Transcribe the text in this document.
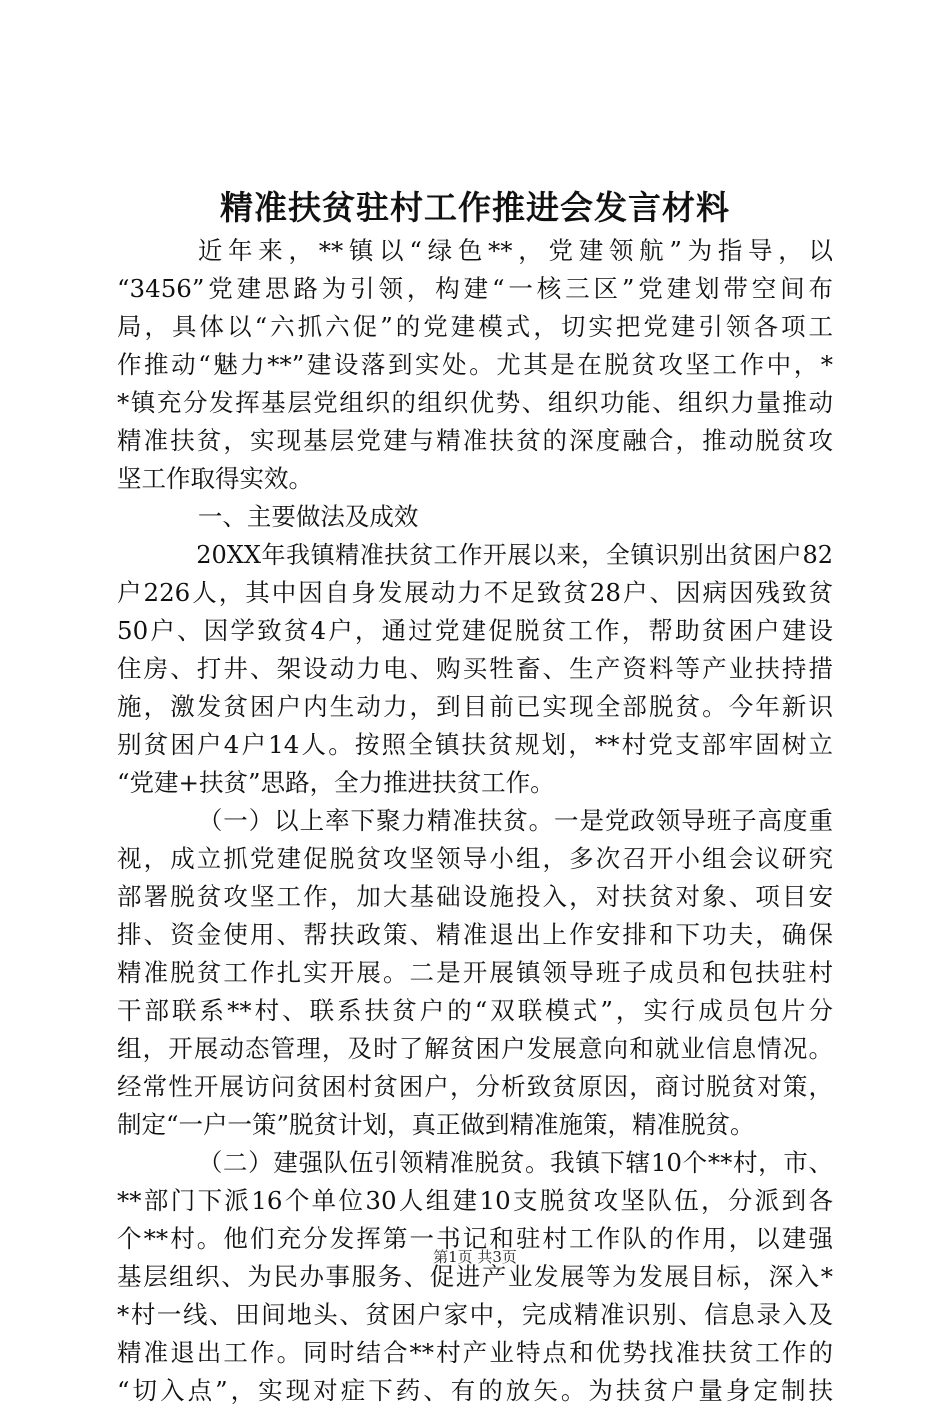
精准扶贫驻村工作推进会发言材料
近年来，**镇以“绿色**，党建领航”为指导，以
“3456”党建思路为引领，构建“一核三区”党建划带空间布
局，具体以“六抓六促”的党建模式，切实把党建引领各项工
作推动“魅力**”建设落到实处。尤其是在脱贫攻坚工作中，*
*镇充分发挥基层党组织的组织优势、组织功能、组织力量推动
精准扶贫，实现基层党建与精准扶贫的深度融合，推动脱贫攻
坚工作取得实效。
一、主要做法及成效
20XX年我镇精准扶贫工作开展以来，全镇识别出贫困户82
户226人，其中因自身发展动力不足致贫28户、因病因残致贫
50户、因学致贫4户，通过党建促脱贫工作，帮助贫困户建设
住房、打井、架设动力电、购买牲畜、生产资料等产业扶持措
施，激发贫困户内生动力，到目前已实现全部脱贫。今年新识
别贫困户4户14人。按照全镇扶贫规划，**村党支部牢固树立
“党建+扶贫”思路，全力推进扶贫工作。
（一）以上率下聚力精准扶贫。一是党政领导班子高度重
视，成立抓党建促脱贫攻坚领导小组，多次召开小组会议研究
部署脱贫攻坚工作，加大基础设施投入，对扶贫对象、项目安
排、资金使用、帮扶政策、精准退出上作安排和下功夫，确保
精准脱贫工作扎实开展。二是开展镇领导班子成员和包扶驻村
干部联系**村、联系扶贫户的“双联模式”，实行成员包片分
组，开展动态管理，及时了解贫困户发展意向和就业信息情况。
经常性开展访问贫困村贫困户，分析致贫原因，商讨脱贫对策，
制定“一户一策”脱贫计划，真正做到精准施策，精准脱贫。
（二）建强队伍引领精准脱贫。我镇下辖10个**村，市、
**部门下派16个单位30人组建10支脱贫攻坚队伍，分派到各
个**村。他们充分发挥第一书记和驻村工作队的作用，以建强
基层组织、为民办事服务、促进产业发展等为发展目标，深入*
*村一线、田间地头、贫困户家中，完成精准识别、信息录入及
精准退出工作。同时结合**村产业特点和优势找准扶贫工作的
“切入点”，实现对症下药、有的放矢。为扶贫户量身定制扶
第1页 共3页
